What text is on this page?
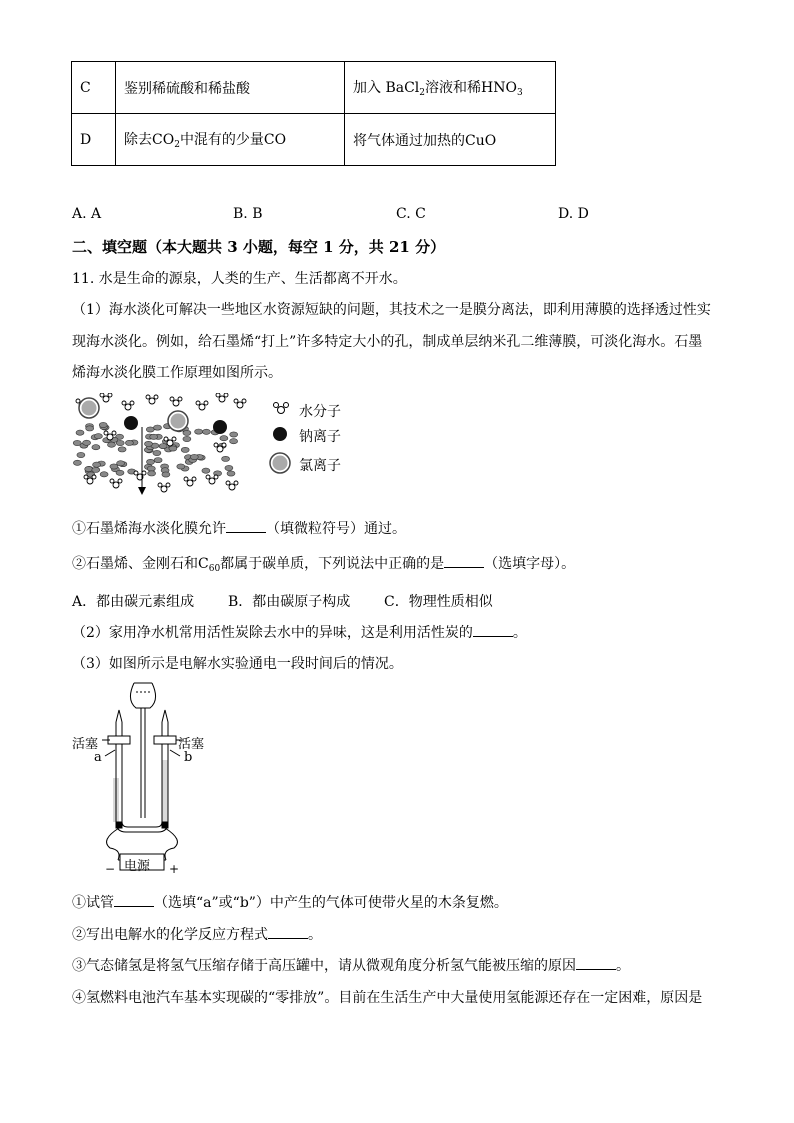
C	鉴别稀硫酸和稀盐酸	加入 BaCl$_2$溶液和稀$HNO_3$
D	除去$CO_2$中混有的少量CO	将气体通过加热的CuO
A. A	B. B	C. C	D. D
二、填空题（本大题共 3 小题，每空 1 分，共 21 分）
11. 水是生命的源泉，人类的生产、生活都离不开水。
（1）海水淡化可解决一些地区水资源短缺的问题，其技术之一是膜分离法，即利用薄膜的选择透过性实
现海水淡化。例如，给石墨烯“打上”许多特定大小的孔，制成单层纳米孔二维薄膜，可淡化海水。石墨
烯海水淡化膜工作原理如图所示。
水分子
钠离子
氯离子
①石墨烯海水淡化膜允许	（填微粒符号）通过。
②石墨烯、金刚石和$C_{60}$都属于碳单质，下列说法中正确的是	（选填字母）。
A．都由碳元素组成 B．都由碳原子构成 C．物理性质相似
（2）家用净水机常用活性炭除去水中的异味，这是利用活性炭的	。
（3）如图所示是电解水实验通电一段时间后的情况。
活塞	活塞
a	b
电源
−	+
①试管	（选填“a”或“b”）中产生的气体可使带火星的木条复燃。
②写出电解水的化学反应方程式	。
③气态储氢是将氢气压缩存储于高压罐中，请从微观角度分析氢气能被压缩的原因	。
④氢燃料电池汽车基本实现碳的“零排放”。目前在生活生产中大量使用氢能源还存在一定困难，原因是
